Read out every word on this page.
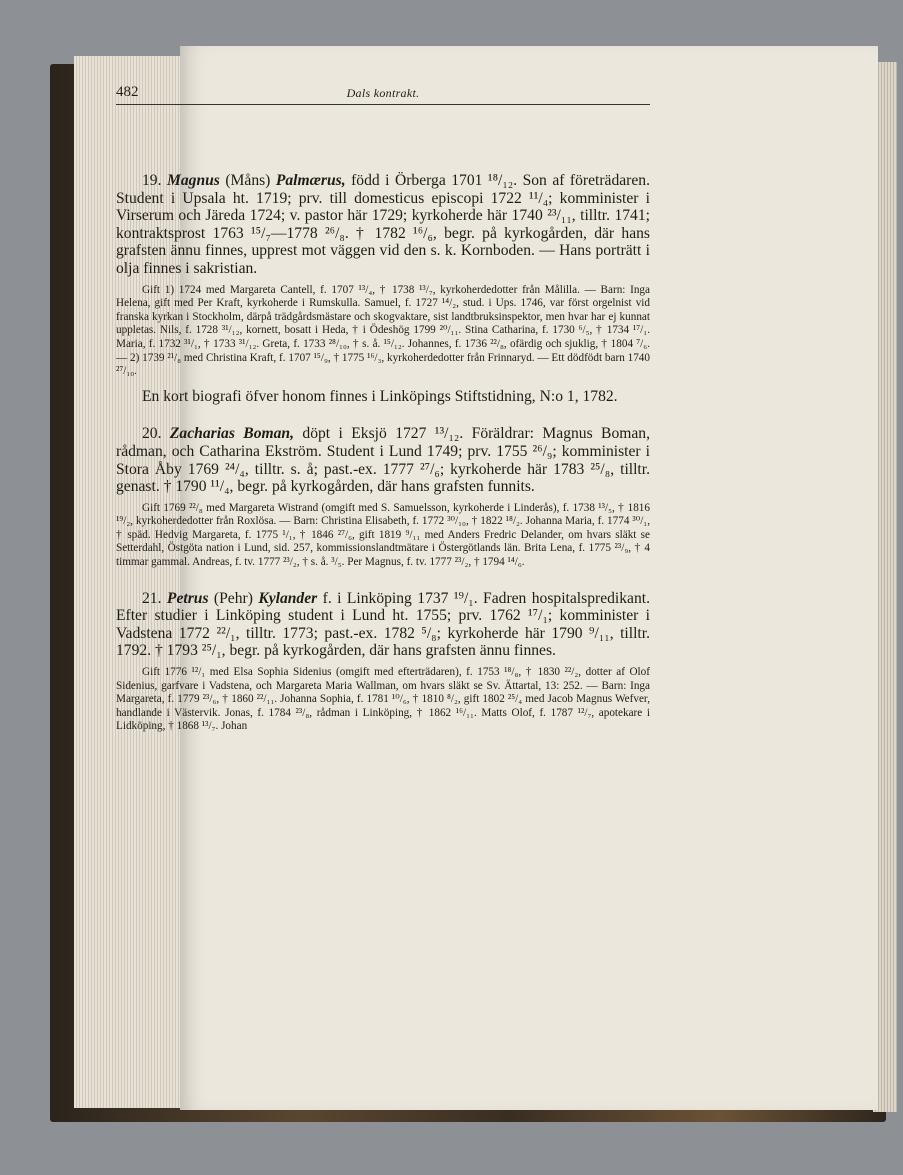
482	Dals kontrakt.

19. Magnus (Måns) Palmærus, född i Örberga 1701 ¹⁸/₁₂. Son af företrädaren. Student i Upsala ht. 1719; prv. till domesticus episcopi 1722 ¹¹/₄; komminister i Virserum och Järeda 1724; v. pastor här 1729; kyrkoherde här 1740 ²³/₁₁, tilltr. 1741; kontraktsprost 1763 ¹⁵/₇—1778 ²⁶/₈. † 1782 ¹⁶/₆, begr. på kyrkogården, där hans grafsten ännu finnes, upprest mot väggen vid den s. k. Kornboden. — Hans porträtt i olja finnes i sakristian.

Gift 1) 1724 med Margareta Cantell, f. 1707 ¹³/₄, † 1738 ¹³/₇, kyrkoherdedotter från Målilla. — Barn: Inga Helena, gift med Per Kraft, kyrkoherde i Rumskulla. Samuel, f. 1727 ¹⁴/₂, stud. i Ups. 1746, var först orgelnist vid franska kyrkan i Stockholm, därpå trädgårdsmästare och skogvaktare, sist landtbruksinspektor, men hvar har ej kunnat uppletas. Nils, f. 1728 ³¹/₁₂, kornett, bosatt i Heda, † i Ödeshög 1799 ²⁰/₁₁. Stina Catharina, f. 1730 ⁶/₅, † 1734 ¹⁷/₁. Maria, f. 1732 ³¹/₁, † 1733 ³¹/₁₂. Greta, f. 1733 ²⁸/₁₀, † s. å. ¹⁵/₁₂. Johannes, f. 1736 ²²/₈, ofärdig och sjuklig, † 1804 ⁷/₆. — 2) 1739 ²¹/₈ med Christina Kraft, f. 1707 ¹⁵/₉, † 1775 ¹⁶/₃, kyrkoherdedotter från Frinnaryd. — Ett dödfödt barn 1740 ²⁷/₁₀.

En kort biografi öfver honom finnes i Linköpings Stiftstidning, N:o 1, 1782.

20. Zacharias Boman, döpt i Eksjö 1727 ¹³/₁₂. Föräldrar: Magnus Boman, rådman, och Catharina Ekström. Student i Lund 1749; prv. 1755 ²⁶/₉; komminister i Stora Åby 1769 ²⁴/₄, tilltr. s. å; past.-ex. 1777 ²⁷/₆; kyrkoherde här 1783 ²⁵/₈, tilltr. genast. † 1790 ¹¹/₄, begr. på kyrkogården, där hans grafsten funnits.

Gift 1769 ²²/₈ med Margareta Wistrand (omgift med S. Samuelsson, kyrkoherde i Linderås), f. 1738 ¹³/₅, † 1816 ¹⁹/₂, kyrkoherdedotter från Roxlösa. — Barn: Christina Elisabeth, f. 1772 ³⁰/₁₀, † 1822 ¹⁸/₂. Johanna Maria, f. 1774 ³⁰/₁, † späd. Hedvig Margareta, f. 1775 ¹/₁, † 1846 ²⁷/₆, gift 1819 ⁹/₁₁ med Anders Fredric Delander, om hvars släkt se Setterdahl, Östgöta nation i Lund, sid. 257, kommissionslandtmätare i Östergötlands län. Brita Lena, f. 1775 ²³/₉, † 4 timmar gammal. Andreas, f. tv. 1777 ²³/₂, † s. å. ³/₅. Per Magnus, f. tv. 1777 ²³/₂, † 1794 ¹⁴/₆.

21. Petrus (Pehr) Kylander f. i Linköping 1737 ¹⁹/₁. Fadren hospitalspredikant. Efter studier i Linköping student i Lund ht. 1755; prv. 1762 ¹⁷/₁; komminister i Vadstena 1772 ²²/₁, tilltr. 1773; past.-ex. 1782 ⁵/₈; kyrkoherde här 1790 ⁹/₁₁, tilltr. 1792. † 1793 ²⁵/₁, begr. på kyrkogården, där hans grafsten ännu finnes.

Gift 1776 ¹²/₁ med Elsa Sophia Sidenius (omgift med efterträdaren), f. 1753 ¹⁸/₈, † 1830 ²²/₂, dotter af Olof Sidenius, garfvare i Vadstena, och Margareta Maria Wallman, om hvars släkt se Sv. Ättartal, 13: 252. — Barn: Inga Margareta, f. 1779 ²³/₆, † 1860 ²²/₁₁. Johanna Sophia, f. 1781 ¹⁰/₆, † 1810 ⁸/₂, gift 1802 ²⁵/₄ med Jacob Magnus Wefver, handlande i Västervik. Jonas, f. 1784 ²³/₈, rådman i Linköping, † 1862 ¹⁶/₁₁. Matts Olof, f. 1787 ¹²/₇, apotekare i Lidköping, † 1868 ¹³/₇. Johan
